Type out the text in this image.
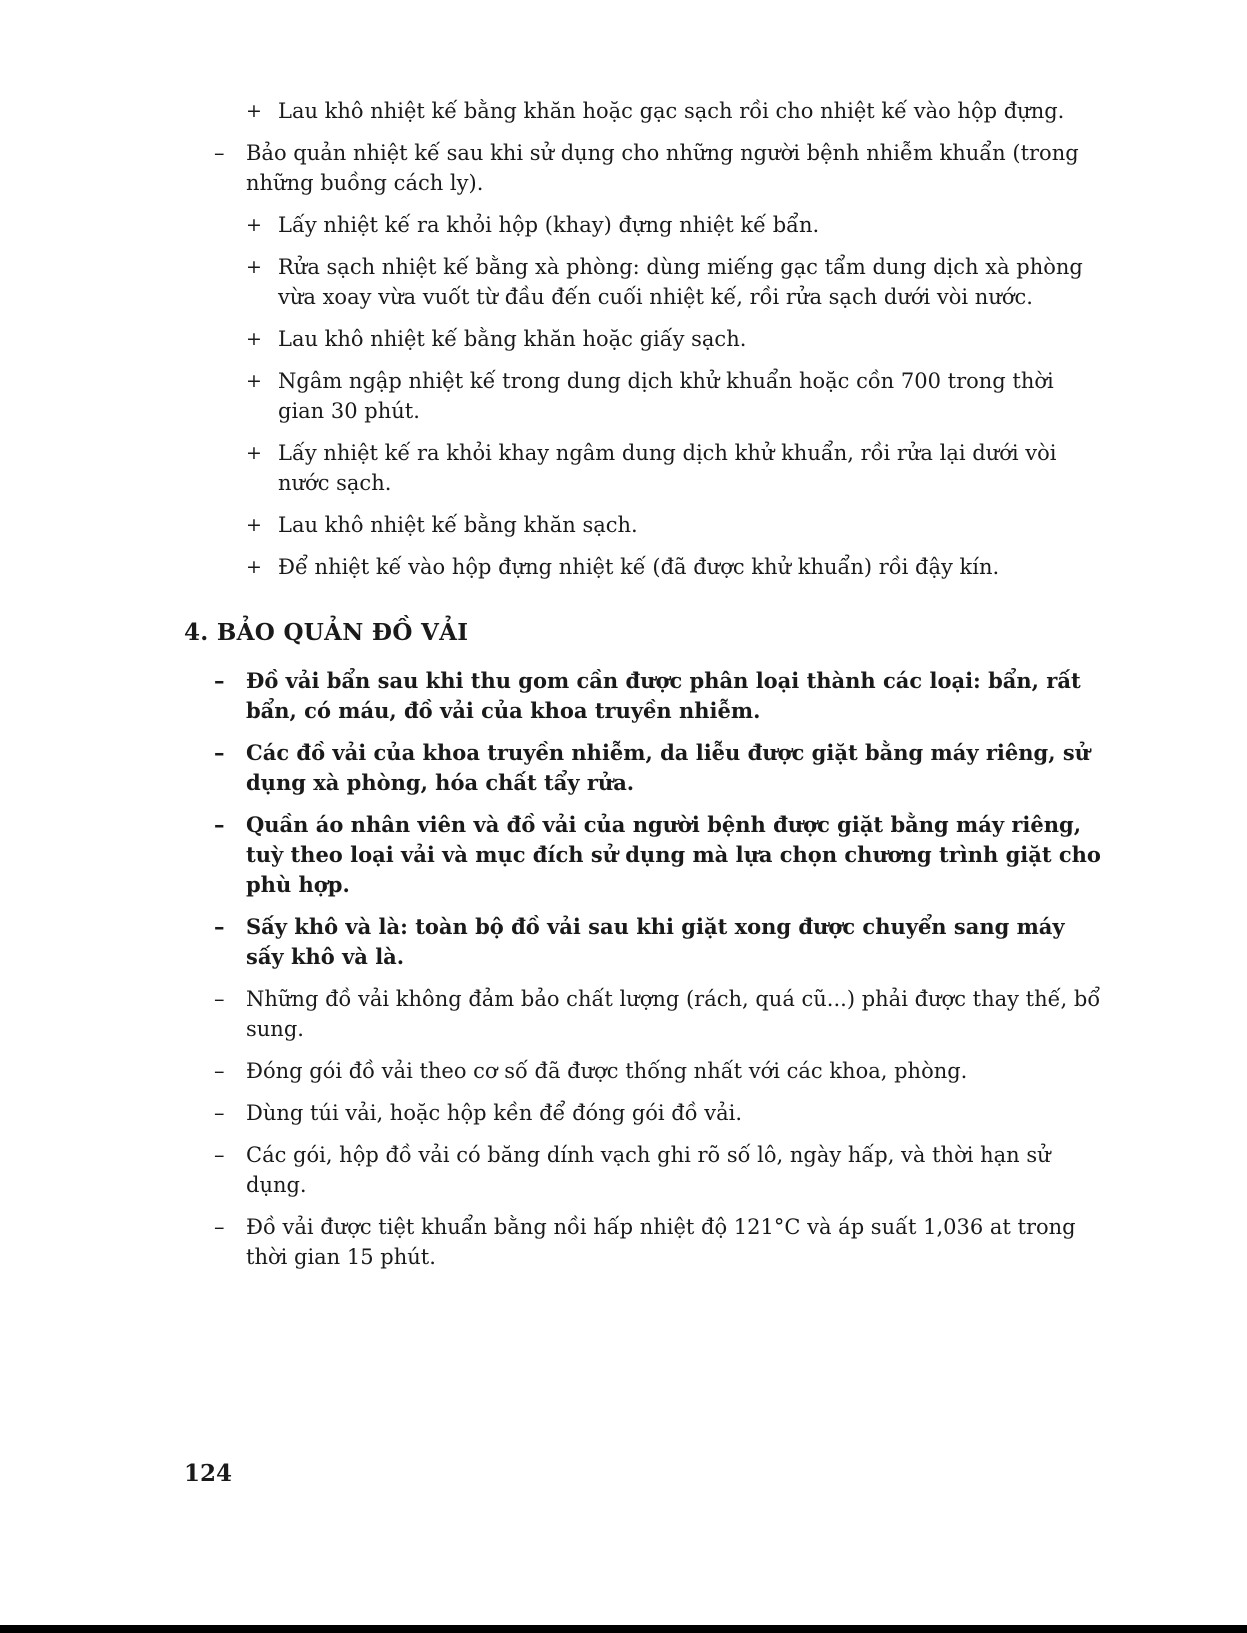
+ Lau khô nhiệt kế bằng khăn hoặc gạc sạch rồi cho nhiệt kế vào hộp đựng.
– Bảo quản nhiệt kế sau khi sử dụng cho những người bệnh nhiễm khuẩn (trong những buồng cách ly).
+ Lấy nhiệt kế ra khỏi hộp (khay) đựng nhiệt kế bẩn.
+ Rửa sạch nhiệt kế bằng xà phòng: dùng miếng gạc tẩm dung dịch xà phòng vừa xoay vừa vuốt từ đầu đến cuối nhiệt kế, rồi rửa sạch dưới vòi nước.
+ Lau khô nhiệt kế bằng khăn hoặc giấy sạch.
+ Ngâm ngập nhiệt kế trong dung dịch khử khuẩn hoặc cồn 700 trong thời gian 30 phút.
+ Lấy nhiệt kế ra khỏi khay ngâm dung dịch khử khuẩn, rồi rửa lại dưới vòi nước sạch.
+ Lau khô nhiệt kế bằng khăn sạch.
+ Để nhiệt kế vào hộp đựng nhiệt kế (đã được khử khuẩn) rồi đậy kín.
4. BẢO QUẢN ĐỒ VẢI
– Đồ vải bẩn sau khi thu gom cần được phân loại thành các loại: bẩn, rất bẩn, có máu, đồ vải của khoa truyền nhiễm.
– Các đồ vải của khoa truyền nhiễm, da liễu được giặt bằng máy riêng, sử dụng xà phòng, hóa chất tẩy rửa.
– Quần áo nhân viên và đồ vải của người bệnh được giặt bằng máy riêng, tuỳ theo loại vải và mục đích sử dụng mà lựa chọn chương trình giặt cho phù hợp.
– Sấy khô và là: toàn bộ đồ vải sau khi giặt xong được chuyển sang máy sấy khô và là.
– Những đồ vải không đảm bảo chất lượng (rách, quá cũ...) phải được thay thế, bổ sung.
– Đóng gói đồ vải theo cơ số đã được thống nhất với các khoa, phòng.
– Dùng túi vải, hoặc hộp kền để đóng gói đồ vải.
– Các gói, hộp đồ vải có băng dính vạch ghi rõ số lô, ngày hấp, và thời hạn sử dụng.
– Đồ vải được tiệt khuẩn bằng nồi hấp nhiệt độ 121°C và áp suất 1,036 at trong thời gian 15 phút.
124
